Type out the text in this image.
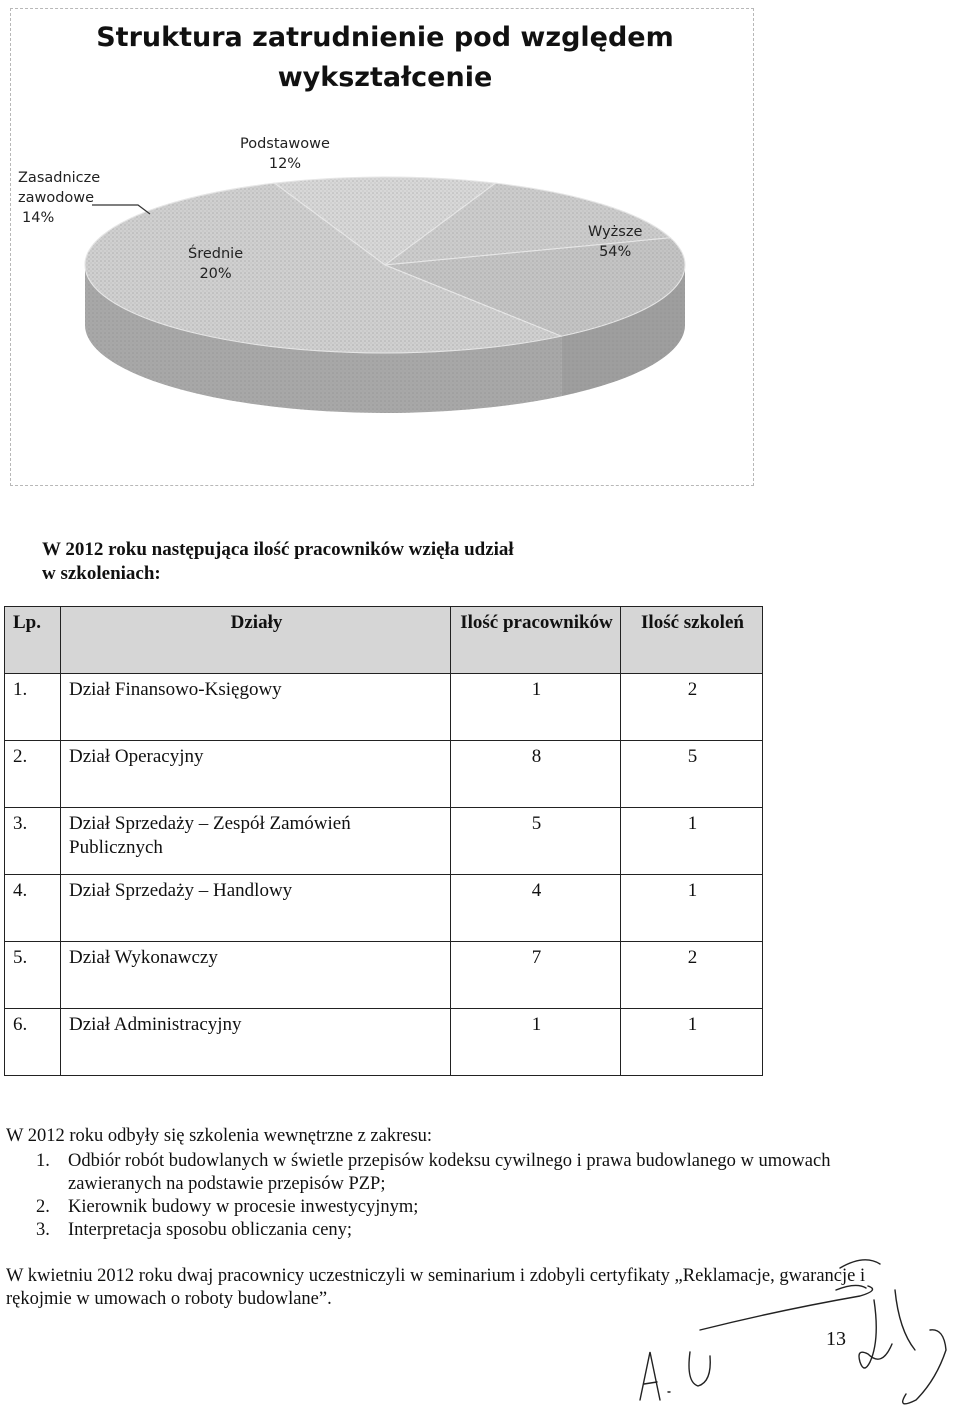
Struktura zatrudnienie pod względem
wykształcenie
Podstawowe
12%
Zasadnicze
zawodowe
14%
Średnie
20%
Wyższe
54%
W 2012 roku następująca ilość pracowników wzięła udział
w szkoleniach:
Lp.	Działy	Ilość pracowników	Ilość szkoleń
1.	Dział Finansowo-Księgowy	1	2
2.	Dział Operacyjny	8	5
3.	Dział Sprzedaży – Zespół Zamówień Publicznych	5	1
4.	Dział Sprzedaży – Handlowy	4	1
5.	Dział Wykonawczy	7	2
6.	Dział Administracyjny	1	1
W 2012 roku odbyły się szkolenia wewnętrzne z zakresu:
1. Odbiór robót budowlanych w świetle przepisów kodeksu cywilnego i prawa budowlanego w umowach zawieranych na podstawie przepisów PZP;
2. Kierownik budowy w procesie inwestycyjnym;
3. Interpretacja sposobu obliczania ceny;
W kwietniu 2012 roku dwaj pracownicy uczestniczyli w seminarium i zdobyli certyfikaty „Reklamacje, gwarancje i rękojmie w umowach o roboty budowlane”.
13
